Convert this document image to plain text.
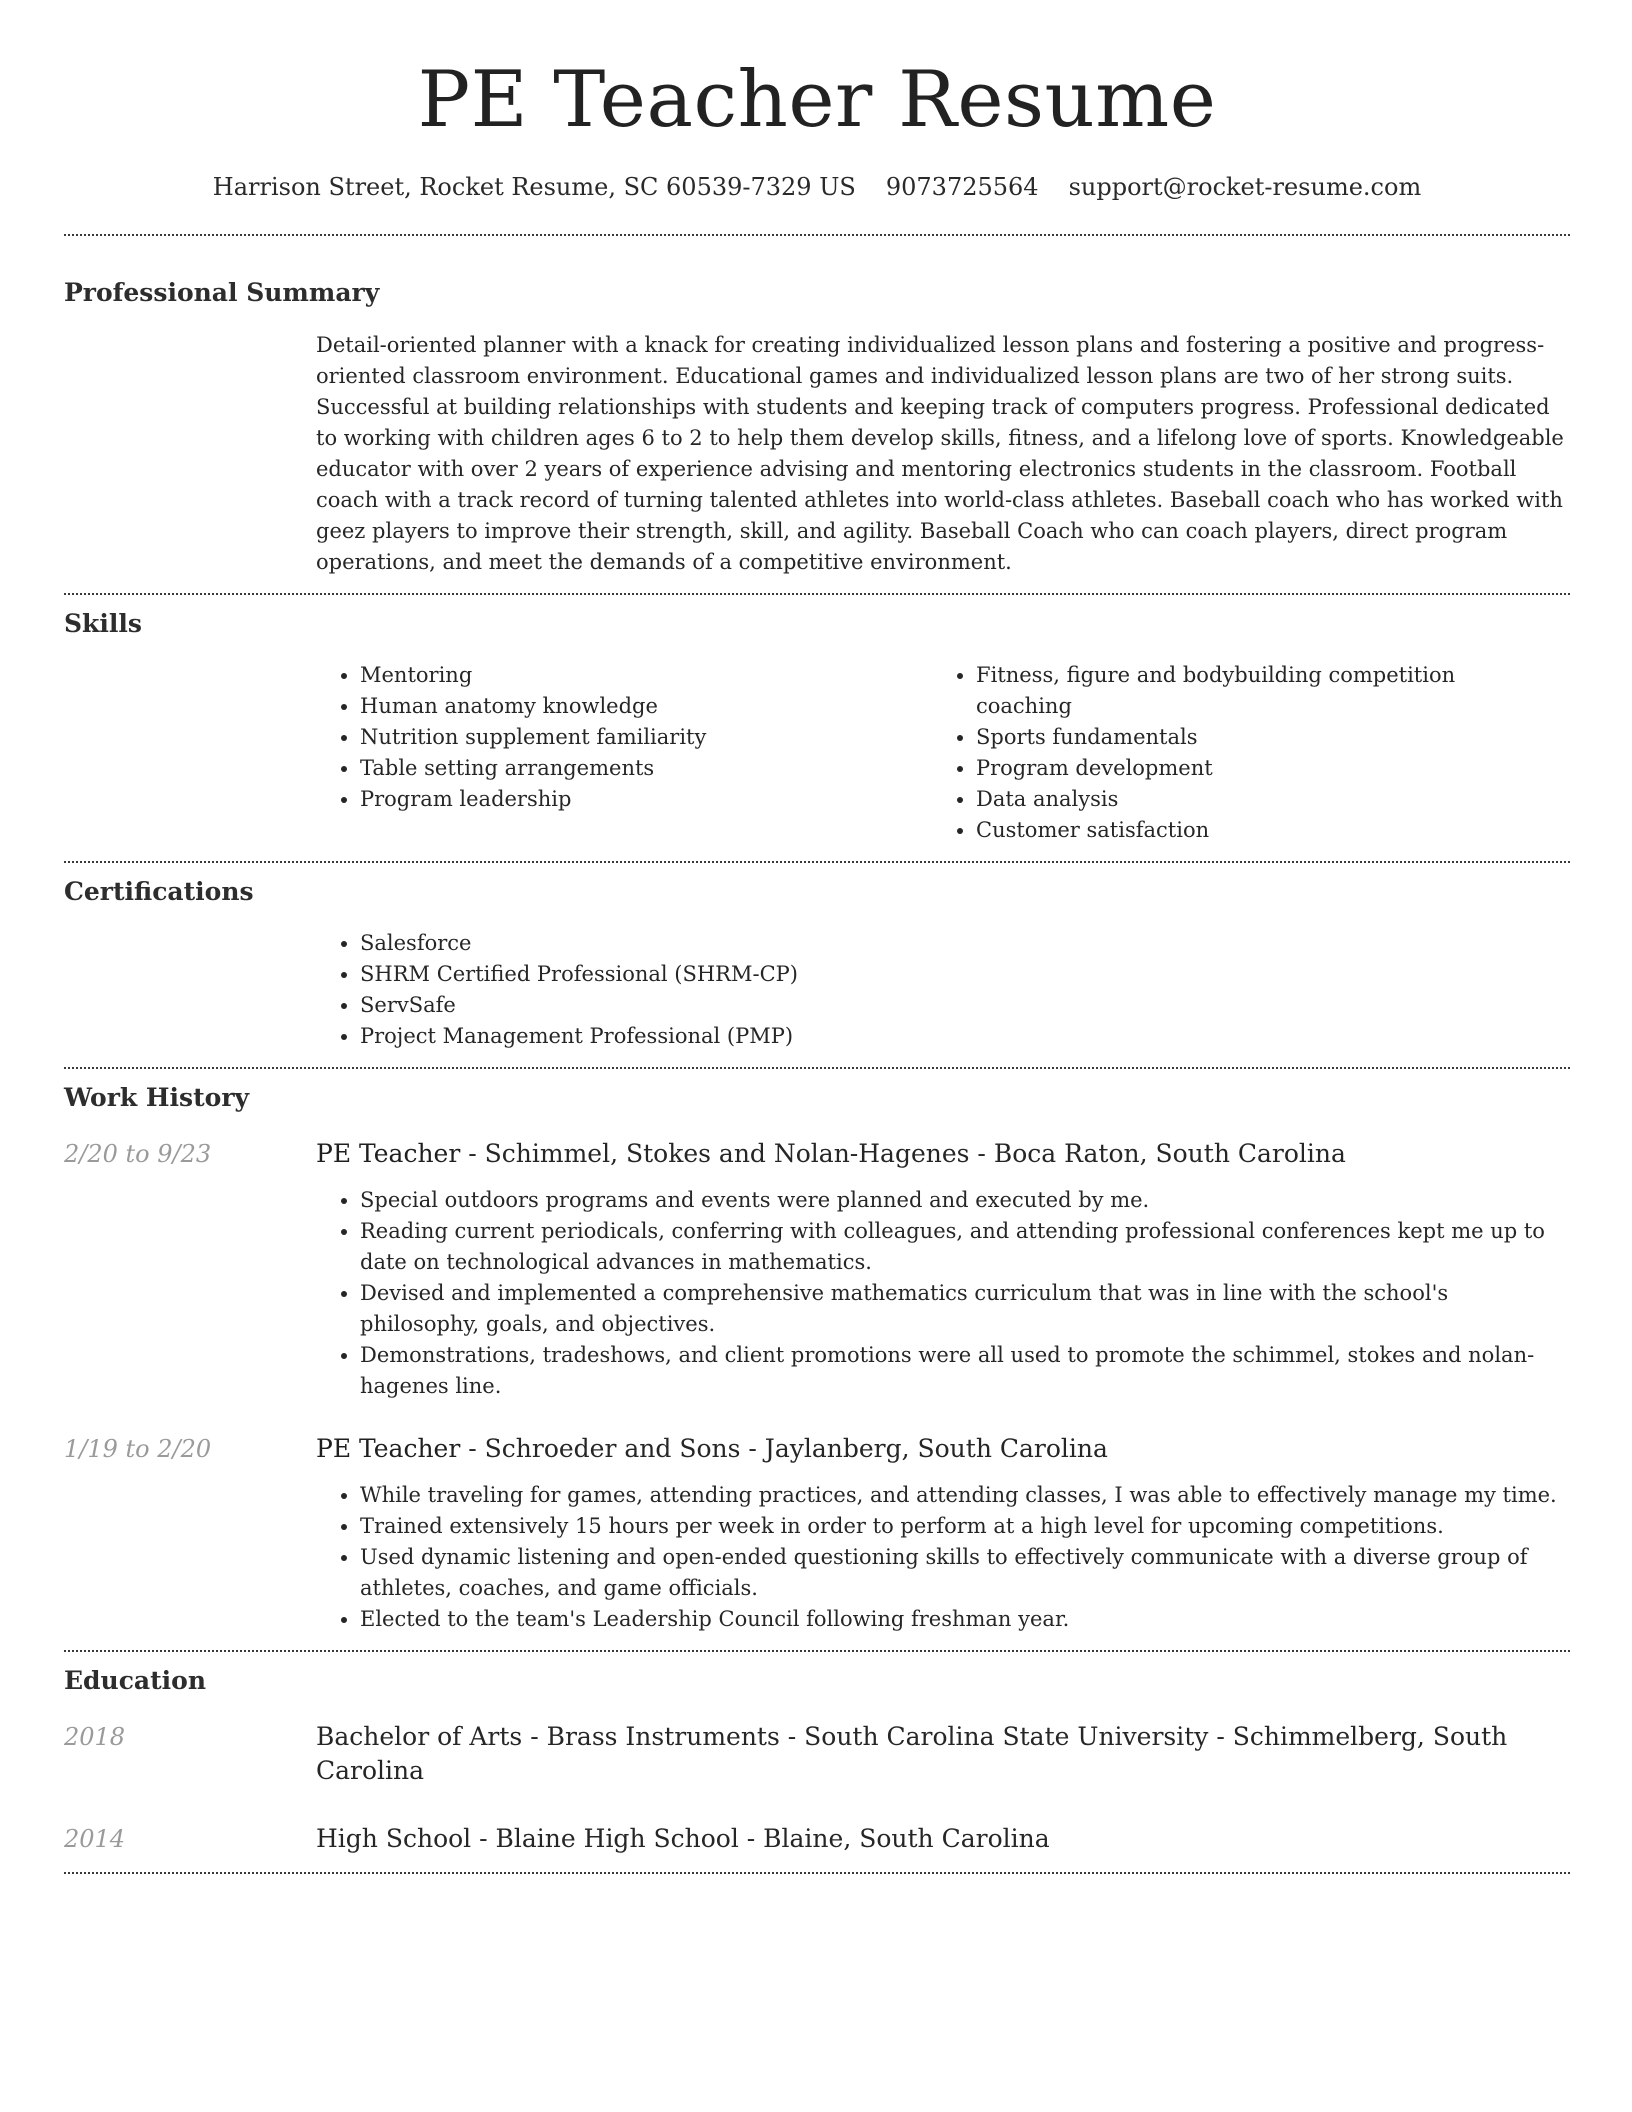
PE Teacher Resume
Harrison Street, Rocket Resume, SC 60539-7329 US 9073725564 support@rocket-resume.com
Professional Summary

Detail-oriented planner with a knack for creating individualized lesson plans and fostering a positive and progress-oriented classroom environment. Educational games and individualized lesson plans are two of her strong suits. Successful at building relationships with students and keeping track of computers progress. Professional dedicated to working with children ages 6 to 2 to help them develop skills, fitness, and a lifelong love of sports. Knowledgeable educator with over 2 years of experience advising and mentoring electronics students in the classroom. Football coach with a track record of turning talented athletes into world-class athletes. Baseball coach who has worked with geez players to improve their strength, skill, and agility. Baseball Coach who can coach players, direct program operations, and meet the demands of a competitive environment.

Skills
• Mentoring
• Human anatomy knowledge
• Nutrition supplement familiarity
• Table setting arrangements
• Program leadership
• Fitness, figure and bodybuilding competition coaching
• Sports fundamentals
• Program development
• Data analysis
• Customer satisfaction
Certifications
• Salesforce
• SHRM Certified Professional (SHRM-CP)
• ServSafe
• Project Management Professional (PMP)
Work History
2/20 to 9/23	PE Teacher - Schimmel, Stokes and Nolan-Hagenes - Boca Raton, South Carolina
• Special outdoors programs and events were planned and executed by me.
• Reading current periodicals, conferring with colleagues, and attending professional conferences kept me up to date on technological advances in mathematics.
• Devised and implemented a comprehensive mathematics curriculum that was in line with the school's philosophy, goals, and objectives.
• Demonstrations, tradeshows, and client promotions were all used to promote the schimmel, stokes and nolan-hagenes line.
1/19 to 2/20	PE Teacher - Schroeder and Sons - Jaylanberg, South Carolina
• While traveling for games, attending practices, and attending classes, I was able to effectively manage my time.
• Trained extensively 15 hours per week in order to perform at a high level for upcoming competitions.
• Used dynamic listening and open-ended questioning skills to effectively communicate with a diverse group of athletes, coaches, and game officials.
• Elected to the team's Leadership Council following freshman year.
Education
2018	Bachelor of Arts - Brass Instruments - South Carolina State University - Schimmelberg, South Carolina
2014	High School - Blaine High School - Blaine, South Carolina
